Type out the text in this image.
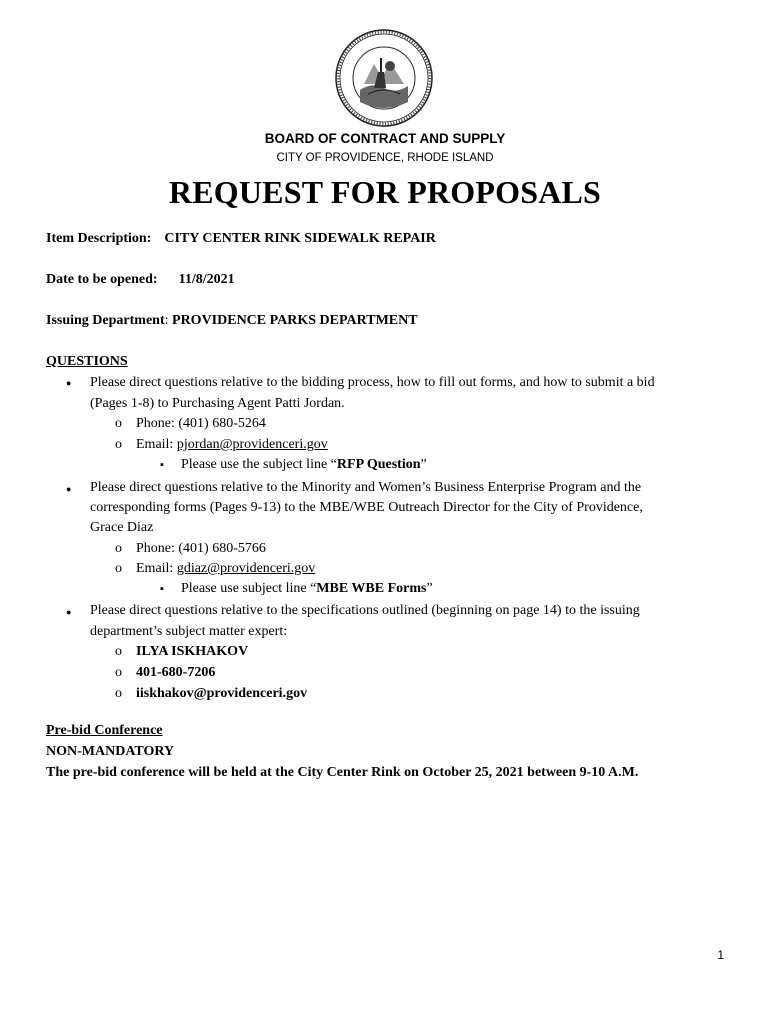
BOARD OF CONTRACT AND SUPPLY
CITY OF PROVIDENCE, RHODE ISLAND
REQUEST FOR PROPOSALS
Item Description: CITY CENTER RINK SIDEWALK REPAIR
Date to be opened: 11/8/2021
Issuing Department: PROVIDENCE PARKS DEPARTMENT
QUESTIONS
● Please direct questions relative to the bidding process, how to fill out forms, and how to submit a bid
(Pages 1-8) to Purchasing Agent Patti Jordan.
o Phone: (401) 680-5264
o Email: pjordan@providenceri.gov
▪ Please use the subject line “RFP Question”
● Please direct questions relative to the Minority and Women’s Business Enterprise Program and the
corresponding forms (Pages 9-13) to the MBE/WBE Outreach Director for the City of Providence,
Grace Diaz
o Phone: (401) 680-5766
o Email: gdiaz@providenceri.gov
▪ Please use subject line “MBE WBE Forms”
● Please direct questions relative to the specifications outlined (beginning on page 14) to the issuing
department’s subject matter expert:
o ILYA ISKHAKOV
o 401-680-7206
o iiskhakov@providenceri.gov
Pre-bid Conference
NON-MANDATORY
The pre-bid conference will be held at the City Center Rink on October 25, 2021 between 9-10 A.M.
1
